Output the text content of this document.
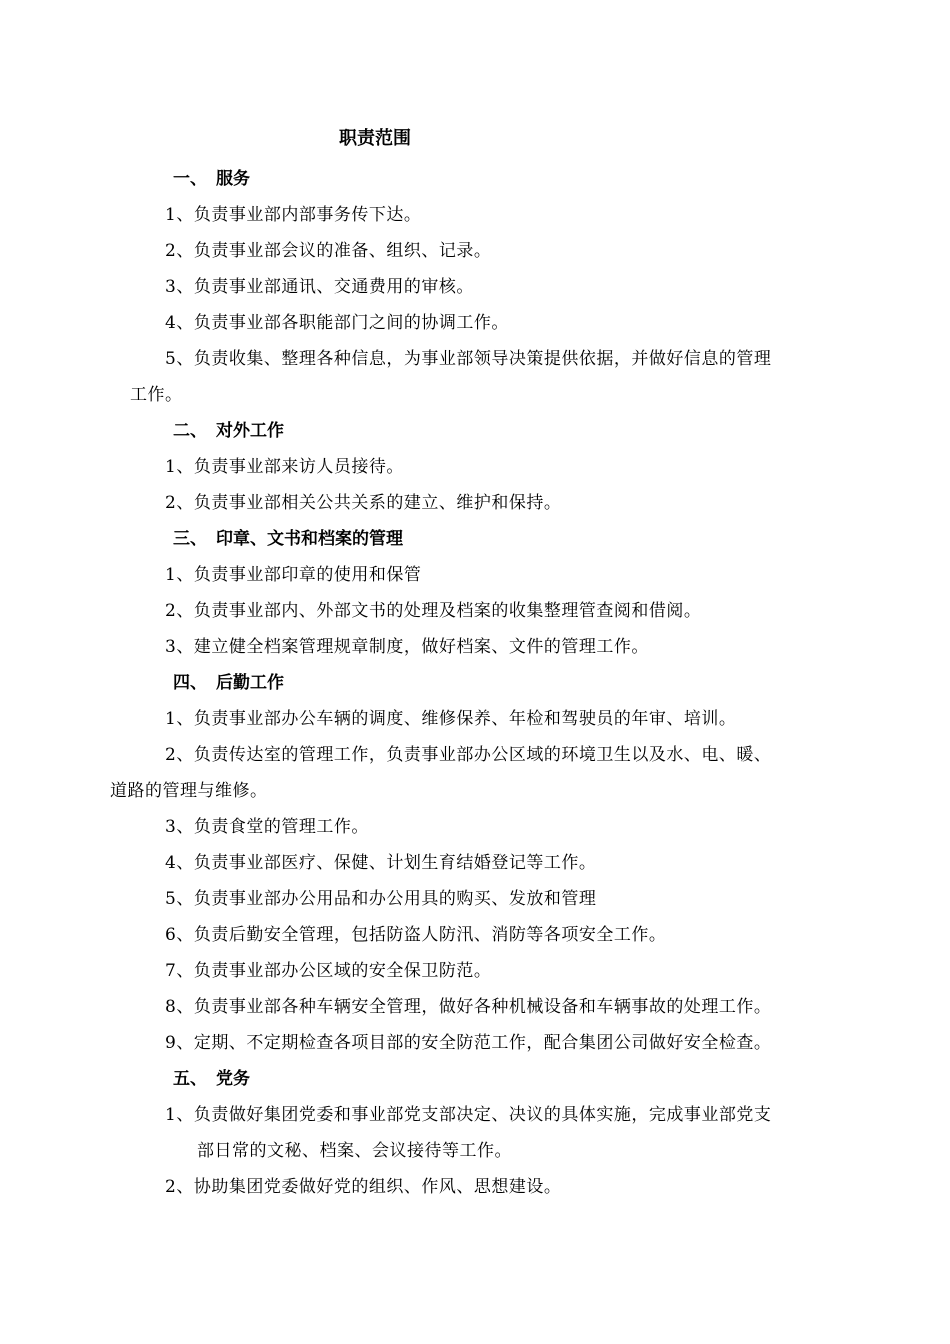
职责范围
一、 服务
1、负责事业部内部事务传下达。
2、负责事业部会议的准备、组织、记录。
3、负责事业部通讯、交通费用的审核。
4、负责事业部各职能部门之间的协调工作。
5、负责收集、整理各种信息，为事业部领导决策提供依据，并做好信息的管理
工作。
二、 对外工作
1、负责事业部来访人员接待。
2、负责事业部相关公共关系的建立、维护和保持。
三、 印章、文书和档案的管理
1、负责事业部印章的使用和保管
2、负责事业部内、外部文书的处理及档案的收集整理管查阅和借阅。
3、建立健全档案管理规章制度，做好档案、文件的管理工作。
四、 后勤工作
1、负责事业部办公车辆的调度、维修保养、年检和驾驶员的年审、培训。
2、负责传达室的管理工作，负责事业部办公区域的环境卫生以及水、电、暖、
道路的管理与维修。
3、负责食堂的管理工作。
4、负责事业部医疗、保健、计划生育结婚登记等工作。
5、负责事业部办公用品和办公用具的购买、发放和管理
6、负责后勤安全管理，包括防盗人防汛、消防等各项安全工作。
7、负责事业部办公区域的安全保卫防范。
8、负责事业部各种车辆安全管理，做好各种机械设备和车辆事故的处理工作。
9、定期、不定期检查各项目部的安全防范工作，配合集团公司做好安全检查。
五、 党务
1、负责做好集团党委和事业部党支部决定、决议的具体实施，完成事业部党支
部日常的文秘、档案、会议接待等工作。
2、协助集团党委做好党的组织、作风、思想建设。
